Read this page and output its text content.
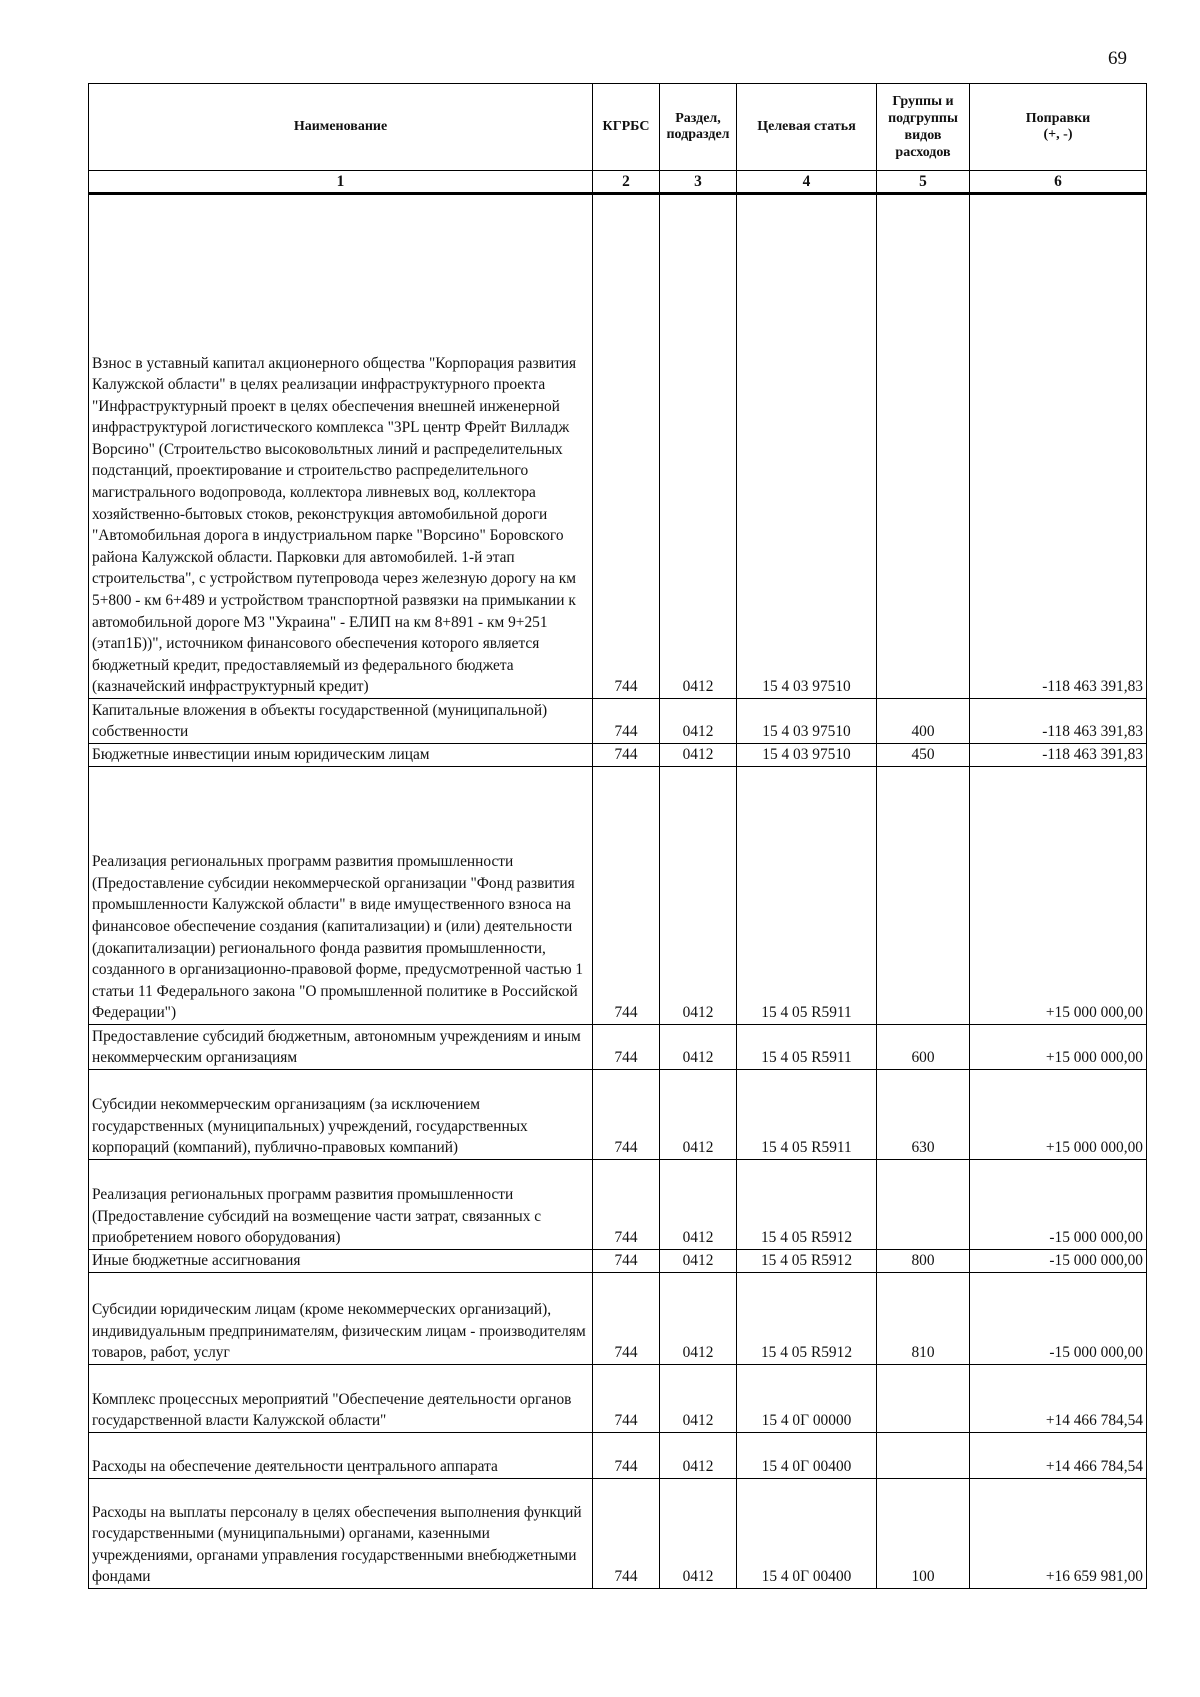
69
Наименование	КГРБС	Раздел, подраздел	Целевая статья	Группы и подгруппы видов расходов	Поправки
(+, -)

1	2	3	4	5	6
Взнос в уставный капитал акционерного общества "Корпорация развития Калужской области" в целях реализации инфраструктурного проекта "Инфраструктурный проект в целях обеспечения внешней инженерной инфраструктурой логистического комплекса "3PL центр Фрейт Вилладж Ворсино" (Строительство высоковольтных линий и распределительных подстанций, проектирование и строительство распределительного магистрального водопровода, коллектора ливневых вод, коллектора хозяйственно-бытовых стоков, реконструкция автомобильной дороги "Автомобильная дорога в индустриальном парке "Ворсино" Боровского района Калужской области. Парковки для автомобилей. 1-й этап строительства", с устройством путепровода через железную дорогу на км 5+800 - км 6+489 и устройством транспортной развязки на примыкании к автомобильной дороге М3 "Украина" - ЕЛИП на км 8+891 - км 9+251 (этап1Б))", источником финансового обеспечения которого является бюджетный кредит, предоставляемый из федерального бюджета (казначейский инфраструктурный кредит)	744	0412	15 4 03 97510		-118 463 391,83
Капитальные вложения в объекты государственной (муниципальной) собственности	744	0412	15 4 03 97510	400	-118 463 391,83
Бюджетные инвестиции иным юридическим лицам	744	0412	15 4 03 97510	450	-118 463 391,83
Реализация региональных программ развития промышленности (Предоставление субсидии некоммерческой организации "Фонд развития промышленности Калужской области" в виде имущественного взноса на финансовое обеспечение создания (капитализации) и (или) деятельности (докапитализации) регионального фонда развития промышленности, созданного в организационно-правовой форме, предусмотренной частью 1 статьи 11 Федерального закона "О промышленной политике в Российской Федерации")	744	0412	15 4 05 R5911		+15 000 000,00
Предоставление субсидий бюджетным, автономным учреждениям и иным некоммерческим организациям	744	0412	15 4 05 R5911	600	+15 000 000,00
Субсидии некоммерческим организациям (за исключением государственных (муниципальных) учреждений, государственных корпораций (компаний), публично-правовых компаний)	744	0412	15 4 05 R5911	630	+15 000 000,00
Реализация региональных программ развития промышленности (Предоставление субсидий на возмещение части затрат, связанных с приобретением нового оборудования)	744	0412	15 4 05 R5912		-15 000 000,00
Иные бюджетные ассигнования	744	0412	15 4 05 R5912	800	-15 000 000,00
Субсидии юридическим лицам (кроме некоммерческих организаций), индивидуальным предпринимателям, физическим лицам - производителям товаров, работ, услуг	744	0412	15 4 05 R5912	810	-15 000 000,00
Комплекс процессных мероприятий "Обеспечение деятельности органов государственной власти Калужской области"	744	0412	15 4 0Г 00000		+14 466 784,54
Расходы на обеспечение деятельности центрального аппарата	744	0412	15 4 0Г 00400		+14 466 784,54
Расходы на выплаты персоналу в целях обеспечения выполнения функций государственными (муниципальными) органами, казенными учреждениями, органами управления государственными внебюджетными фондами	744	0412	15 4 0Г 00400	100	+16 659 981,00
